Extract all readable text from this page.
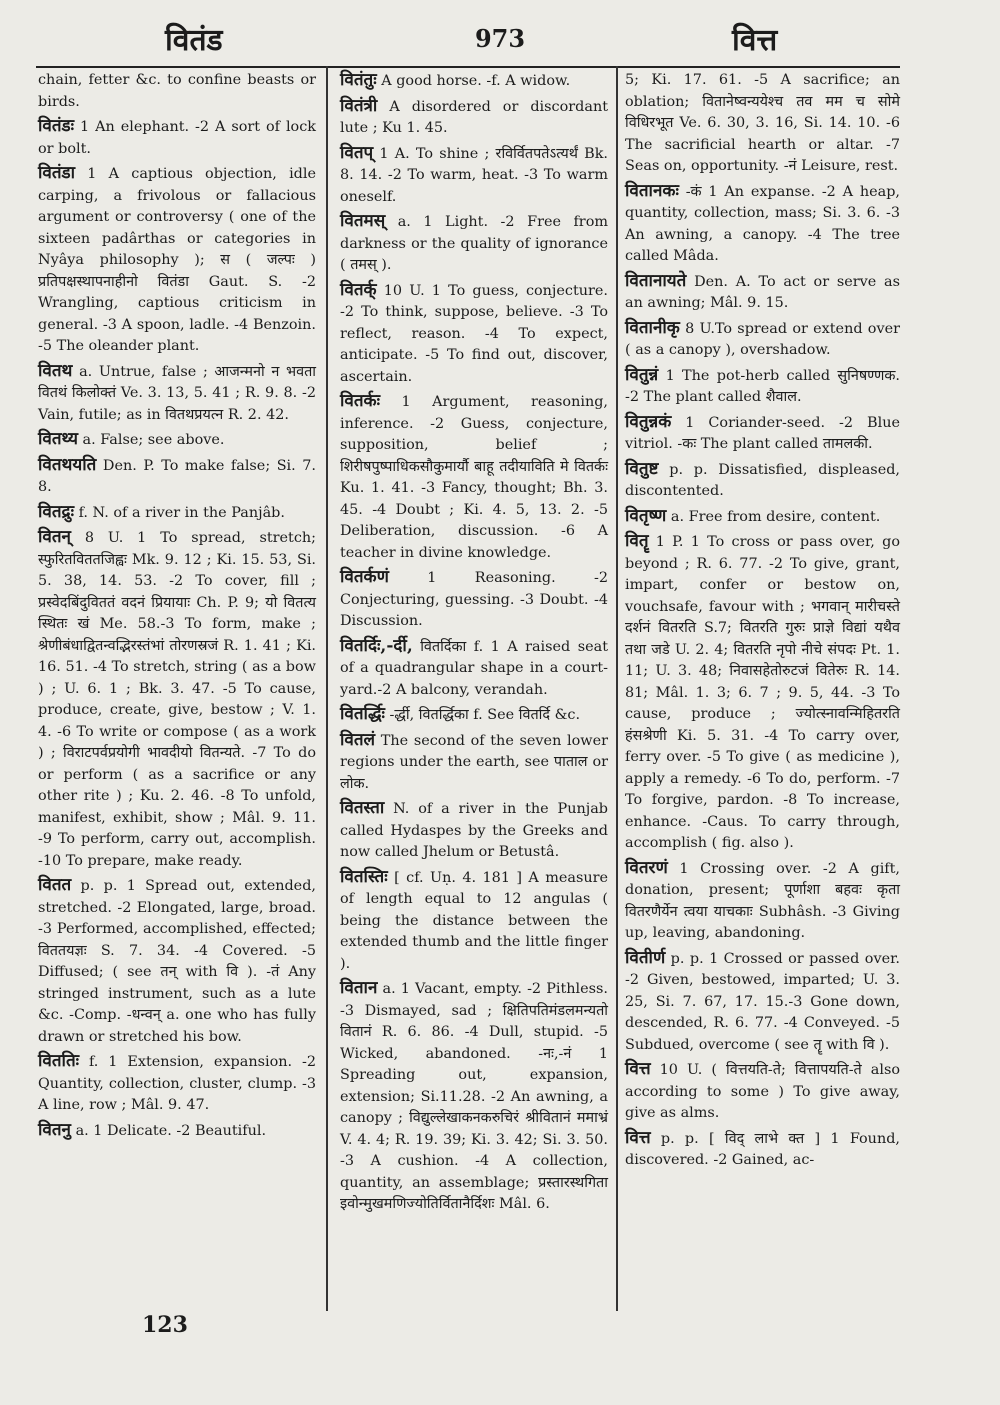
वितंड	973	वित्त
chain, fetter &c. to confine beasts or birds.
वितंडः 1 An elephant. -2 A sort of lock or bolt.
वितंडा 1 A captious objection, idle carping, a frivolous or fallacious argument or controversy ( one of the sixteen padârthas or categories in Nyâya philosophy ); स ( जल्पः ) प्रतिपक्षस्थापनाहीनो वितंडा Gaut. S. -2 Wrangling, captious criticism in general. -3 A spoon, ladle. -4 Benzoin. -5 The oleander plant.
वितथ a. Untrue, false ; आजन्मनो न भवता वितथं किलोक्तं Ve. 3. 13, 5. 41 ; R. 9. 8. -2 Vain, futile; as in वितथप्रयत्न R. 2. 42.
वितथ्य a. False; see above.
वितथयति Den. P. To make false; Si. 7. 8.
वितद्रुः f. N. of a river in the Panjâb.
वितन् 8 U. 1 To spread, stretch; स्फुरितविततजिह्वः Mk. 9. 12 ; Ki. 15. 53, Si. 5. 38, 14. 53. -2 To cover, fill ; प्रस्वेदबिंदुविततं वदनं प्रियायाः Ch. P. 9; यो वितत्य स्थितः खं Me. 58.-3 To form, make ; श्रेणीबंधाद्वितन्वद्भिरस्तंभां तोरणस्रजं R. 1. 41 ; Ki. 16. 51. -4 To stretch, string ( as a bow ) ; U. 6. 1 ; Bk. 3. 47. -5 To cause, produce, create, give, bestow ; V. 1. 4. -6 To write or compose ( as a work ) ; विराटपर्वप्रयोगी भावदीयो वितन्यते. -7 To do or perform ( as a sacrifice or any other rite ) ; Ku. 2. 46. -8 To unfold, manifest, exhibit, show ; Mâl. 9. 11. -9 To perform, carry out, accomplish. -10 To prepare, make ready.
वितत p. p. 1 Spread out, extended, stretched. -2 Elongated, large, broad. -3 Performed, accomplished, effected; विततयज्ञः S. 7. 34. -4 Covered. -5 Diffused; ( see तन् with वि ). -तं Any stringed instrument, such as a lute &c. -Comp. -धन्वन् a. one who has fully drawn or stretched his bow.
विततिः f. 1 Extension, expansion. -2 Quantity, collection, cluster, clump. -3 A line, row ; Mâl. 9. 47.
वितनु a. 1 Delicate. -2 Beautiful.
वितंतुः A good horse. -f. A widow.
वितंत्री A disordered or discordant lute ; Ku 1. 45.
वितप् 1 A. To shine ; रविर्वितपतेऽत्यर्थं Bk. 8. 14. -2 To warm, heat. -3 To warm oneself.
वितमस् a. 1 Light. -2 Free from darkness or the quality of ignorance ( तमस् ).
वितर्क् 10 U. 1 To guess, conjecture. -2 To think, suppose, believe. -3 To reflect, reason. -4 To expect, anticipate. -5 To find out, discover, ascertain.
वितर्कः 1 Argument, reasoning, inference. -2 Guess, conjecture, supposition, belief ; शिरीषपुष्पाधिकसौकुमार्यौ बाहू तदीयाविति मे वितर्कः Ku. 1. 41. -3 Fancy, thought; Bh. 3. 45. -4 Doubt ; Ki. 4. 5, 13. 2. -5 Deliberation, discussion. -6 A teacher in divine knowledge.
वितर्कणं	1 Reasoning. -2 Conjecturing, guessing. -3 Doubt. -4 Discussion.
वितर्दिः,-र्दी, वितर्दिका f. 1 A raised seat of a quadrangular shape in a court-yard.-2 A balcony, verandah.
वितर्द्धिः -र्द्धी, वितर्द्धिका f. See वितर्दि &c.
वितलं The second of the seven lower regions under the earth, see पाताल or लोक.
वितस्ता N. of a river in the Punjab called Hydaspes by the Greeks and now called Jhelum or Betustâ.
वितस्तिः [ cf. Uṇ. 4. 181 ] A measure of length equal to 12 angulas ( being the distance between the extended thumb and the little finger ).
वितान a. 1 Vacant, empty. -2 Pithless. -3 Dismayed, sad ; क्षितिपतिमंडलमन्यतो वितानं R. 6. 86. -4 Dull, stupid. -5 Wicked, abandoned. -नः,-नं 1 Spreading out, expansion, extension; Si.11.28. -2 An awning, a canopy ; विद्युल्लेखाकनकरुचिरं श्रीवितानं ममाभ्रं V. 4. 4; R. 19. 39; Ki. 3. 42; Si. 3. 50. -3 A cushion. -4 A collection, quantity, an assemblage; प्रस्तारस्थगिता इवोन्मुखमणिज्योतिर्वितानैर्दिशः Mâl. 6.
5; Ki. 17. 61. -5 A sacrifice; an oblation; वितानेष्वन्ययेश्च तव मम च सोमे विधिरभूत Ve. 6. 30, 3. 16, Si. 14. 10. -6 The sacrificial hearth or altar. -7 Seas on, opportunity. -नं Leisure, rest.
वितानकः -कं 1 An expanse. -2 A heap, quantity, collection, mass; Si. 3. 6. -3 An awning, a canopy. -4 The tree called Mâda.
वितानायते Den. A. To act or serve as an awning; Mâl. 9. 15.
वितानीकृ 8 U.To spread or extend over ( as a canopy ), overshadow.
वितुन्नं 1 The pot-herb called सुनिषण्णक. -2 The plant called शैवाल.
वितुन्नकं 1 Coriander-seed. -2 Blue vitriol. -कः The plant called तामलकी.
वितुष्ट p. p. Dissatisfied, displeased, discontented.
वितृष्ण a. Free from desire, content.
वितॄ 1 P. 1 To cross or pass over, go beyond ; R. 6. 77. -2 To give, grant, impart, confer or bestow on, vouchsafe, favour with ; भगवान् मारीचस्ते दर्शनं वितरति S.7; वितरति गुरुः प्राज्ञे विद्यां यथैव तथा जडे U. 2. 4; वितरति नृपो नीचे संपदः Pt. 1. 11; U. 3. 48; निवासहेतोरुटजं वितेरुः R. 14. 81; Mâl. 1. 3; 6. 7 ; 9. 5, 44. -3 To cause, produce ; ज्योत्स्नावन्मिहितरति हंसश्रेणी Ki. 5. 31. -4 To carry over, ferry over. -5 To give ( as medicine ), apply a remedy. -6 To do, perform. -7 To forgive, pardon. -8 To increase, enhance. -Caus. To carry through, accomplish ( fig. also ).
वितरणं 1 Crossing over. -2 A gift, donation, present; पूर्णाशा बहवः कृता वितरणैर्येन त्वया याचकाः Subhâsh. -3 Giving up, leaving, abandoning.
वितीर्ण p. p. 1 Crossed or passed over. -2 Given, bestowed, imparted; U. 3. 25, Si. 7. 67, 17. 15.-3 Gone down, descended, R. 6. 77. -4 Conveyed. -5 Subdued, overcome ( see तॄ with वि ).
वित्त 10 U. ( वित्तयति-ते; वित्तापयति-ते also according to some ) To give away, give as alms.
वित्त p. p. [ विद् लाभे क्त ] 1 Found, discovered. -2 Gained, ac-
123
